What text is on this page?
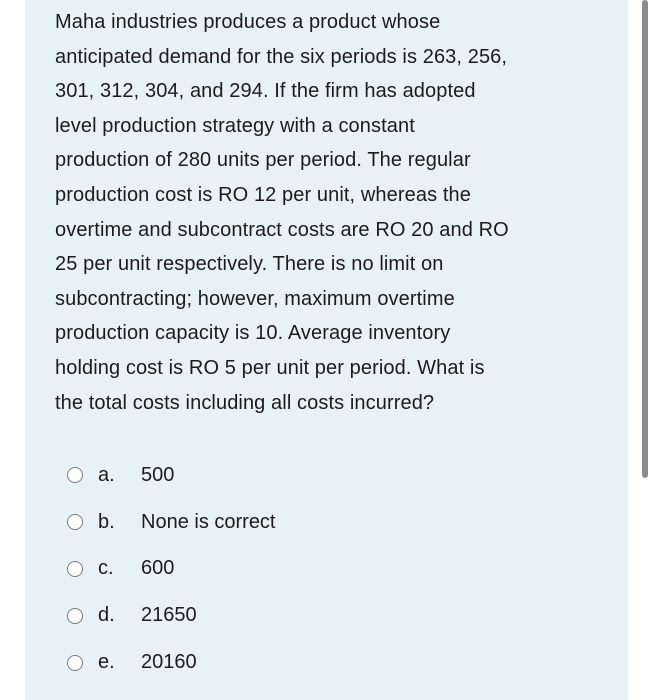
Maha industries produces a product whose
anticipated demand for the six periods is 263, 256,
301, 312, 304, and 294. If the firm has adopted
level production strategy with a constant
production of 280 units per period. The regular
production cost is RO 12 per unit, whereas the
overtime and subcontract costs are RO 20 and RO
25 per unit respectively. There is no limit on
subcontracting; however, maximum overtime
production capacity is 10. Average inventory
holding cost is RO 5 per unit per period. What is
the total costs including all costs incurred?

a.	500
b.	None is correct
c.	600
d.	21650
e.	20160
